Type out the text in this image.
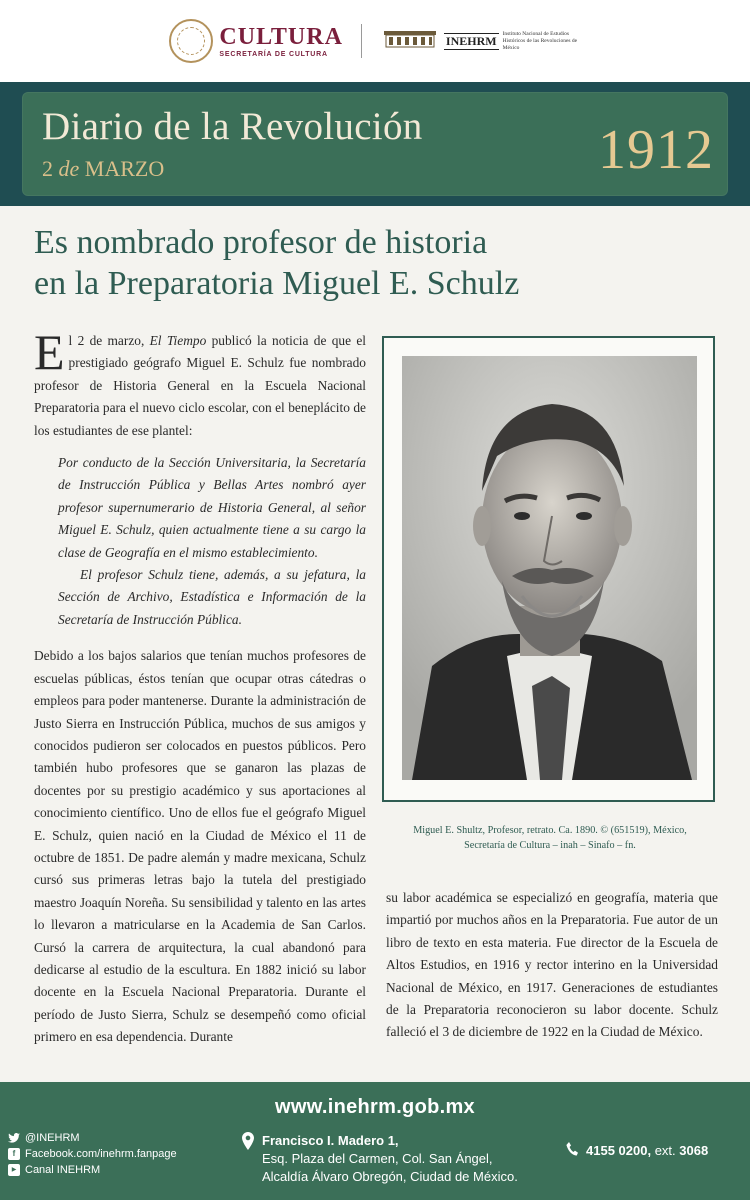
CULTURA
SECRETARÍA DE CULTURA
INEHRM	Instituto Nacional de Estudios Históricos de las Revoluciones de México
Diario de la Revolución
2 de MARZO	1912
Es nombrado profesor de historia
en la Preparatoria Miguel E. Schulz

El 2 de marzo, El Tiempo publicó la noticia de que el prestigiado geógrafo Miguel E. Schulz fue nombrado profesor de Historia General en la Escuela Nacional Preparatoria para el nuevo ciclo escolar, con el beneplácito de los estudiantes de ese plantel:

Por conducto de la Sección Universitaria, la Secretaría de Instrucción Pública y Bellas Artes nombró ayer profesor supernumerario de Historia General, al señor Miguel E. Schulz, quien actualmente tiene a su cargo la clase de Geografía en el mismo establecimiento.

El profesor Schulz tiene, además, a su jefatura, la Sección de Archivo, Estadística e Información de la Secretaría de Instrucción Pública.

Debido a los bajos salarios que tenían muchos profesores de escuelas públicas, éstos tenían que ocupar otras cátedras o empleos para poder mantenerse. Durante la administración de Justo Sierra en Instrucción Pública, muchos de sus amigos y conocidos pudieron ser colocados en puestos públicos. Pero también hubo profesores que se ganaron las plazas de docentes por su prestigio académico y sus aportaciones al conocimiento científico. Uno de ellos fue el geógrafo Miguel E. Schulz, quien nació en la Ciudad de México el 11 de octubre de 1851. De padre alemán y madre mexicana, Schulz cursó sus primeras letras bajo la tutela del prestigiado maestro Joaquín Noreña. Su sensibilidad y talento en las artes lo llevaron a matricularse en la Academia de San Carlos. Cursó la carrera de arquitectura, la cual abandonó para dedicarse al estudio de la escultura. En 1882 inició su labor docente en la Escuela Nacional Preparatoria. Durante el período de Justo Sierra, Schulz se desempeñó como oficial primero en esa dependencia. Durante

Miguel E. Shultz, Profesor, retrato. Ca. 1890. © (651519), México,
Secretaría de Cultura – inah – Sinafo – fn.

su labor académica se especializó en geografía, materia que impartió por muchos años en la Preparatoria. Fue autor de un libro de texto en esta materia. Fue director de la Escuela de Altos Estudios, en 1916 y rector interino en la Universidad Nacional de México, en 1917. Generaciones de estudiantes de la Preparatoria reconocieron su labor docente. Schulz falleció el 3 de diciembre de 1922 en la Ciudad de México.

www.inehrm.gob.mx
@INEHRM
f Facebook.com/inehrm.fanpage
▶ Canal INEHRM
Francisco I. Madero 1,
Esq. Plaza del Carmen, Col. San Ángel,
Alcaldía Álvaro Obregón, Ciudad de México.
4155 0200, ext. 3068
